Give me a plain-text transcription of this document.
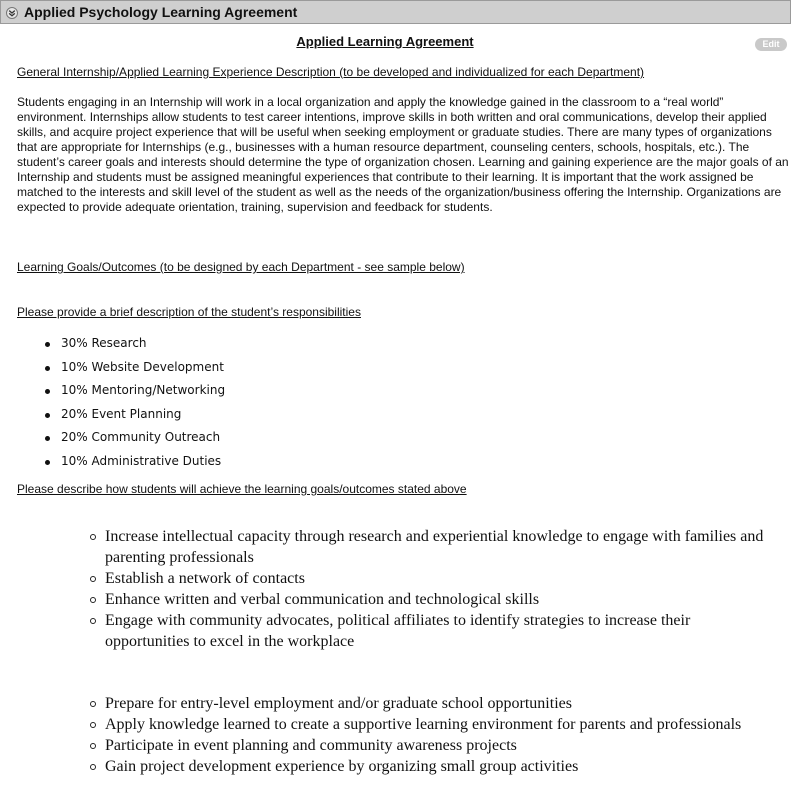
Applied Psychology Learning Agreement
Applied Learning Agreement	Edit
General Internship/Applied Learning Experience Description (to be developed and individualized for each Department)

Students engaging in an Internship will work in a local organization and apply the knowledge gained in the classroom to a “real world” environment. Internships allow students to test career intentions, improve skills in both written and oral communications, develop their applied skills, and acquire project experience that will be useful when seeking employment or graduate studies. There are many types of organizations that are appropriate for Internships (e.g., businesses with a human resource department, counseling centers, schools, hospitals, etc.). The student’s career goals and interests should determine the type of organization chosen. Learning and gaining experience are the major goals of an Internship and students must be assigned meaningful experiences that contribute to their learning. It is important that the work assigned be matched to the interests and skill level of the student as well as the needs of the organization/business offering the Internship. Organizations are expected to provide adequate orientation, training, supervision and feedback for students.

Learning Goals/Outcomes (to be designed by each Department - see sample below)
Please provide a brief description of the student’s responsibilities
30% Research
10% Website Development
10% Mentoring/Networking
20% Event Planning
20% Community Outreach
10% Administrative Duties
Please describe how students will achieve the learning goals/outcomes stated above
Increase intellectual capacity through research and experiential knowledge to engage with families and parenting professionals
Establish a network of contacts
Enhance written and verbal communication and technological skills
Engage with community advocates, political affiliates to identify strategies to increase their opportunities to excel in the workplace
Prepare for entry-level employment and/or graduate school opportunities
Apply knowledge learned to create a supportive learning environment for parents and professionals
Participate in event planning and community awareness projects
Gain project development experience by organizing small group activities
